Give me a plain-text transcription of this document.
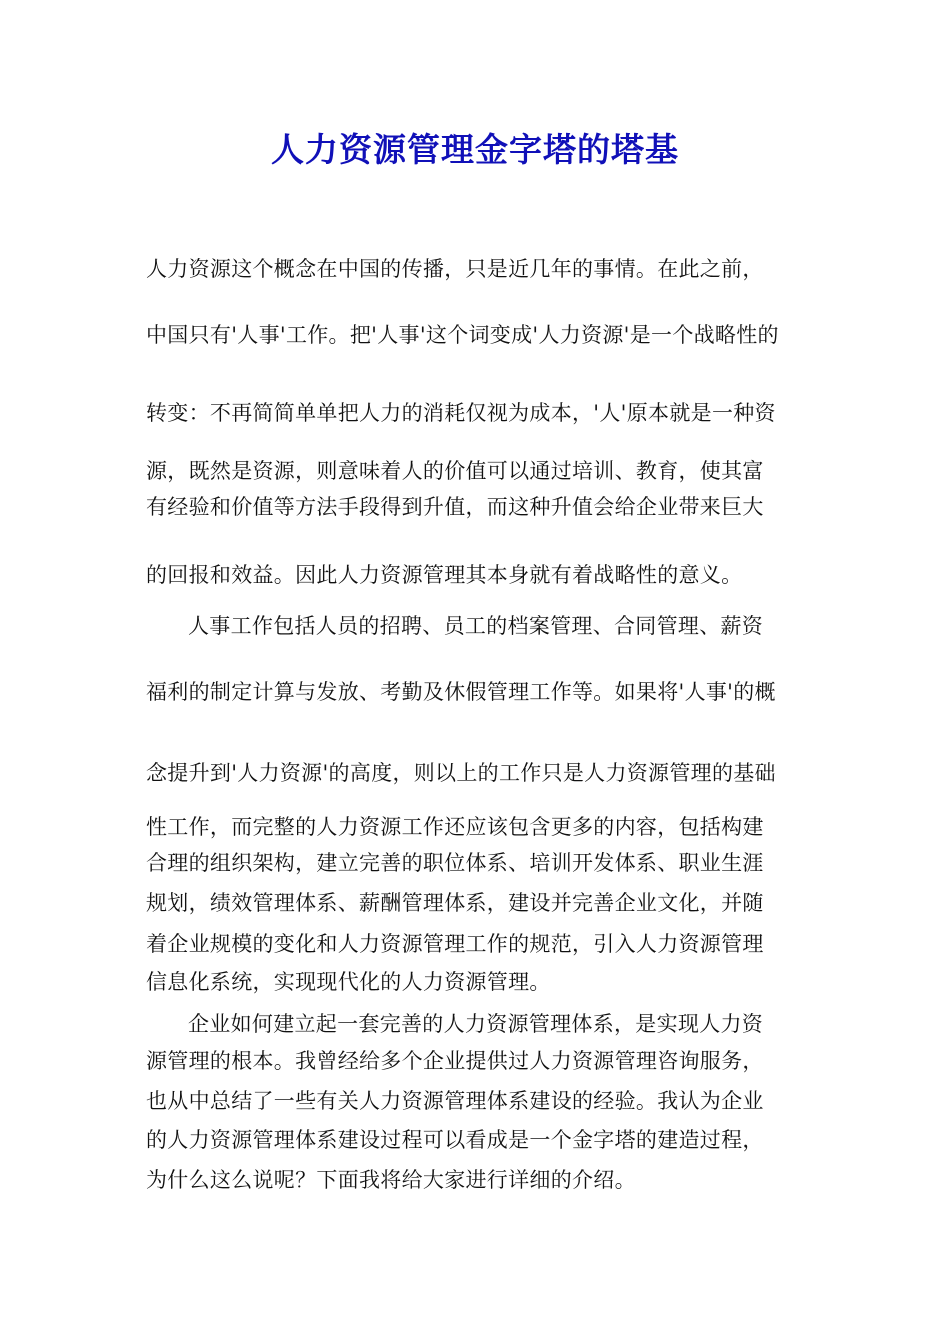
人力资源管理金字塔的塔基
人力资源这个概念在中国的传播，只是近几年的事情。在此之前，
中国只有'人事'工作。把'人事'这个词变成'人力资源'是一个战略性的
转变：不再简简单单把人力的消耗仅视为成本，'人'原本就是一种资
源，既然是资源，则意味着人的价值可以通过培训、教育，使其富
有经验和价值等方法手段得到升值，而这种升值会给企业带来巨大
的回报和效益。因此人力资源管理其本身就有着战略性的意义。
人事工作包括人员的招聘、员工的档案管理、合同管理、薪资
福利的制定计算与发放、考勤及休假管理工作等。如果将'人事'的概
念提升到'人力资源'的高度，则以上的工作只是人力资源管理的基础
性工作，而完整的人力资源工作还应该包含更多的内容，包括构建
合理的组织架构，建立完善的职位体系、培训开发体系、职业生涯
规划，绩效管理体系、薪酬管理体系，建设并完善企业文化，并随
着企业规模的变化和人力资源管理工作的规范，引入人力资源管理
信息化系统，实现现代化的人力资源管理。
企业如何建立起一套完善的人力资源管理体系，是实现人力资
源管理的根本。我曾经给多个企业提供过人力资源管理咨询服务，
也从中总结了一些有关人力资源管理体系建设的经验。我认为企业
的人力资源管理体系建设过程可以看成是一个金字塔的建造过程，
为什么这么说呢？下面我将给大家进行详细的介绍。
